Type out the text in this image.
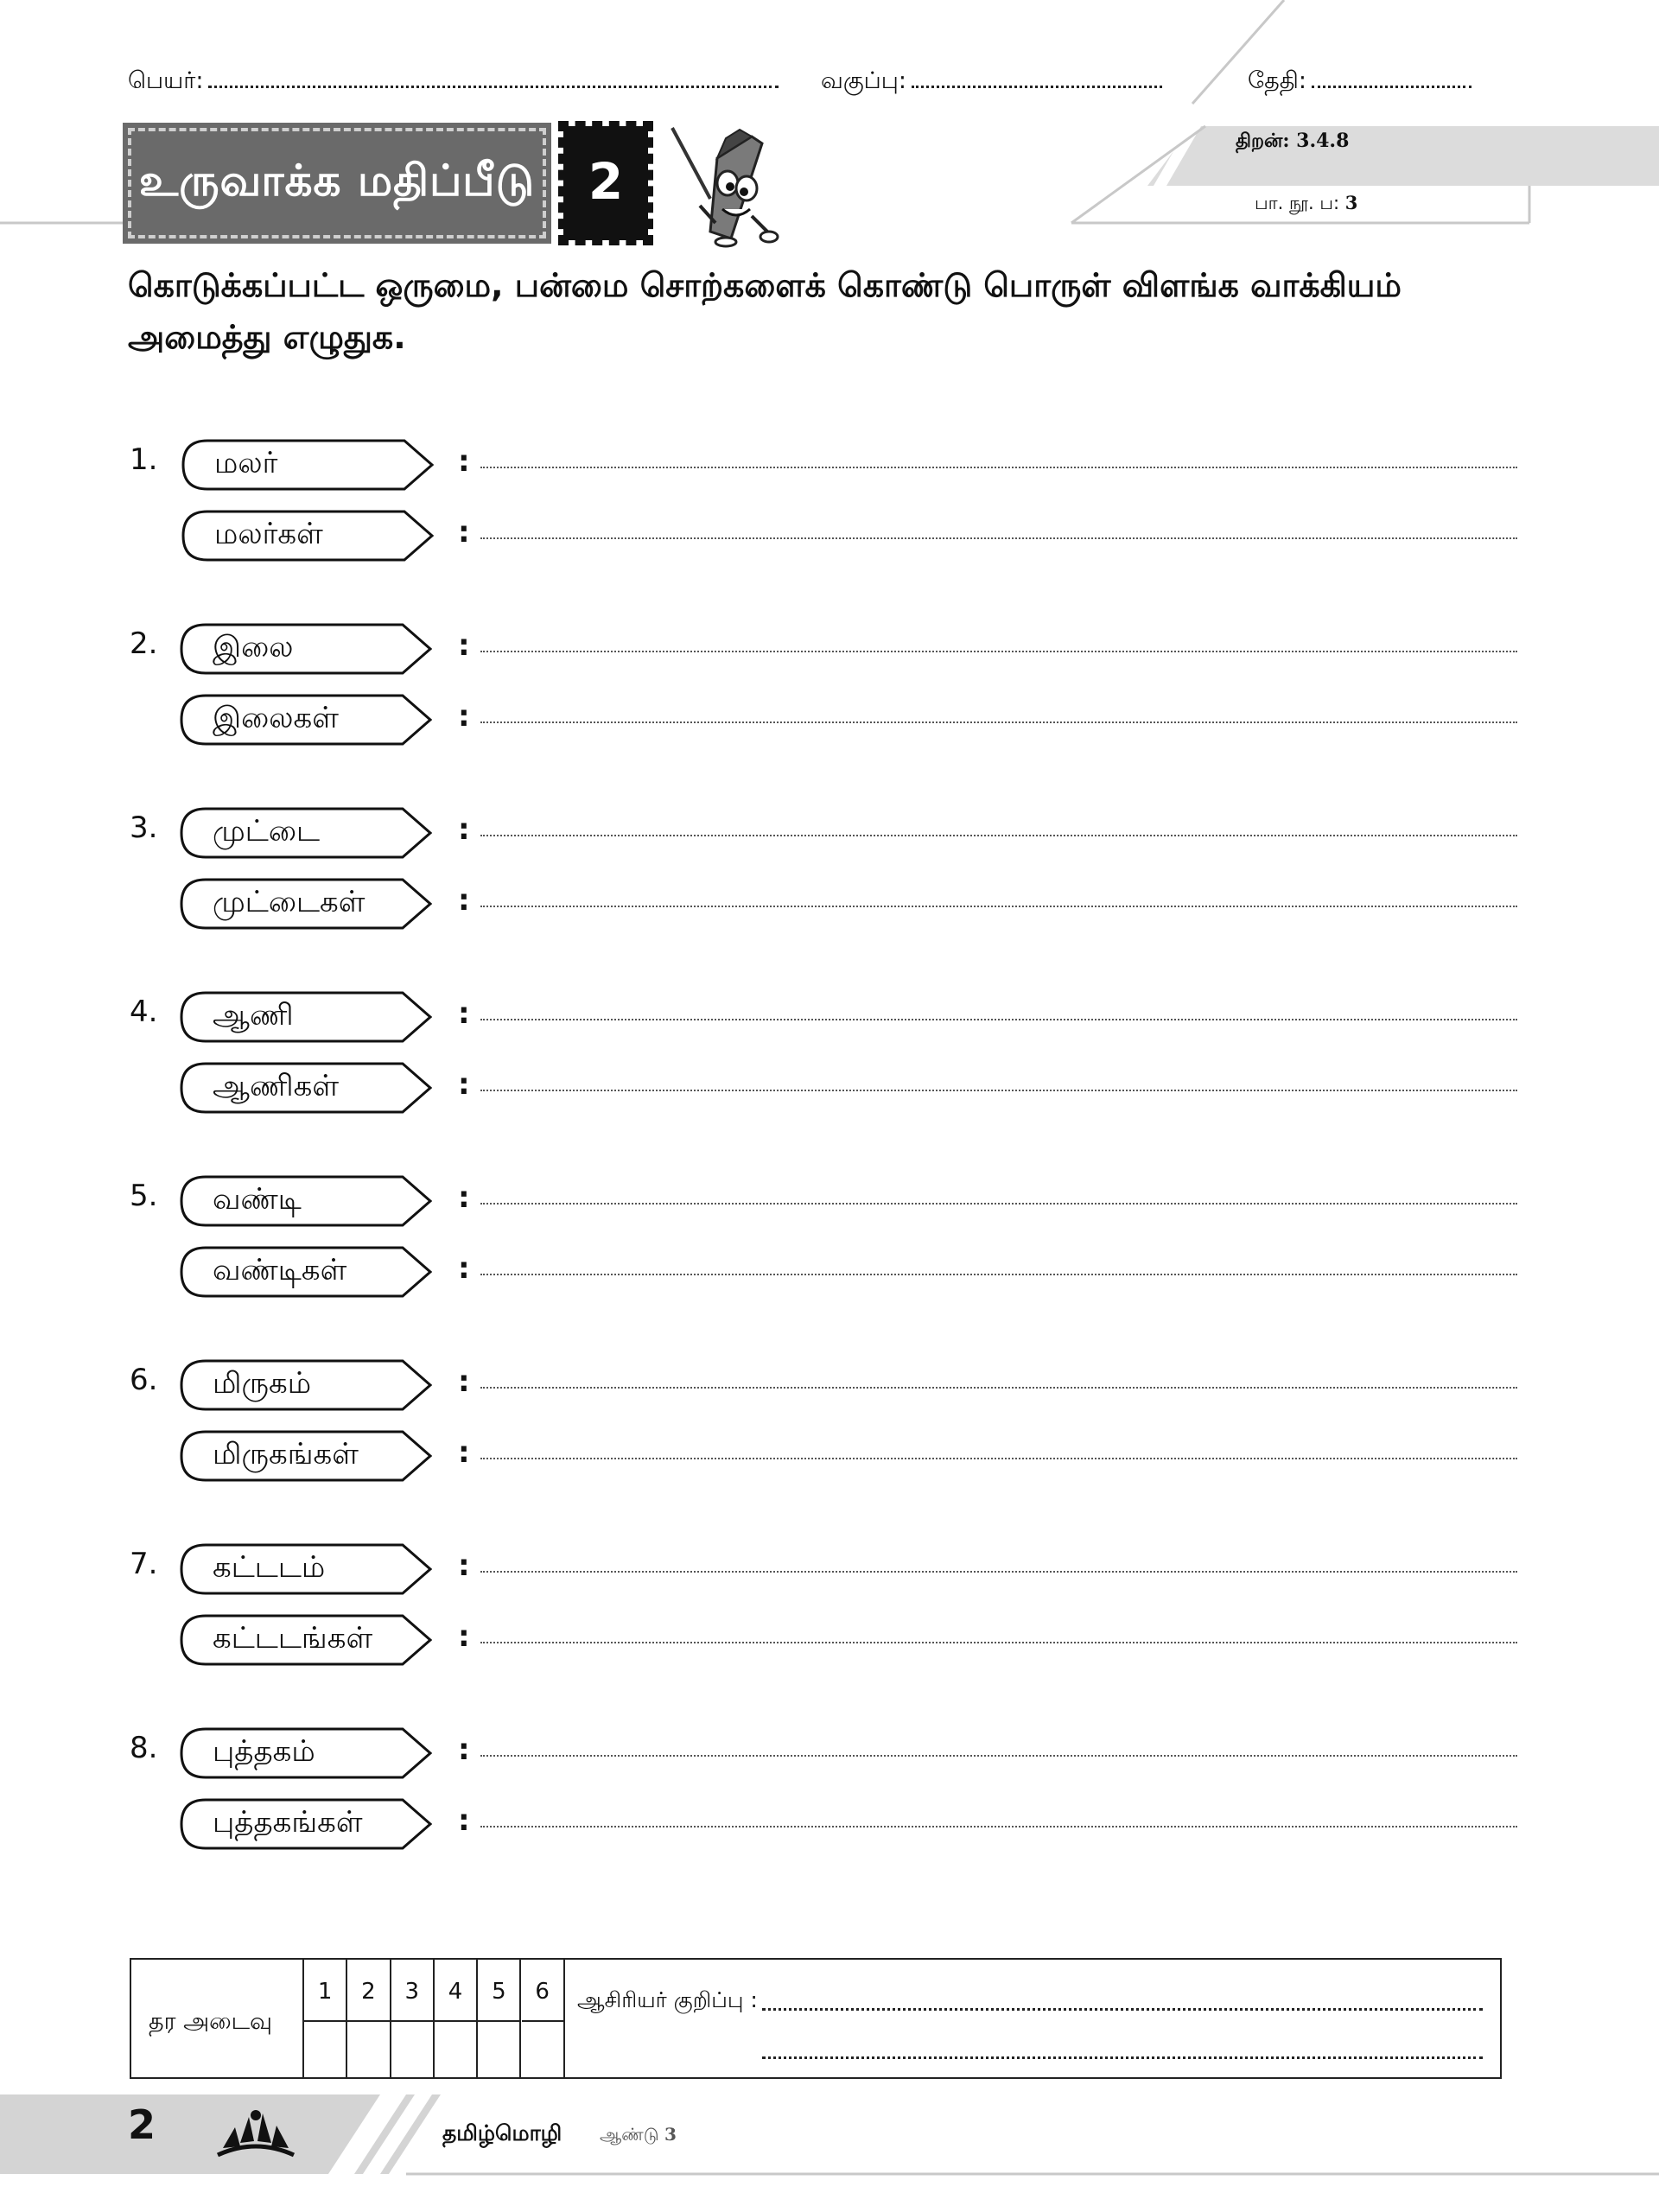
பெயர்:	வகுப்பு:	தேதி:
உருவாக்க மதிப்பீடு	2
திறன்: 3.4.8
பா. நூ. ப: 3
கொடுக்கப்பட்ட ஒருமை, பன்மை சொற்களைக் கொண்டு பொருள் விளங்க வாக்கியம் அமைத்து எழுதுக.
1. மலர்	:
மலர்கள்	:
2. இலை	:
இலைகள்	:
3. முட்டை	:
முட்டைகள்	:
4. ஆணி	:
ஆணிகள்	:
5. வண்டி	:
வண்டிகள்	:
6. மிருகம்	:
மிருகங்கள்	:
7. கட்டடம்	:
கட்டடங்கள்	:
8. புத்தகம்	:
புத்தகங்கள்	:
தர அடைவு
1	2	3	4	5	6	ஆசிரியர் குறிப்பு :
2	தமிழ்மொழி ஆண்டு 3
